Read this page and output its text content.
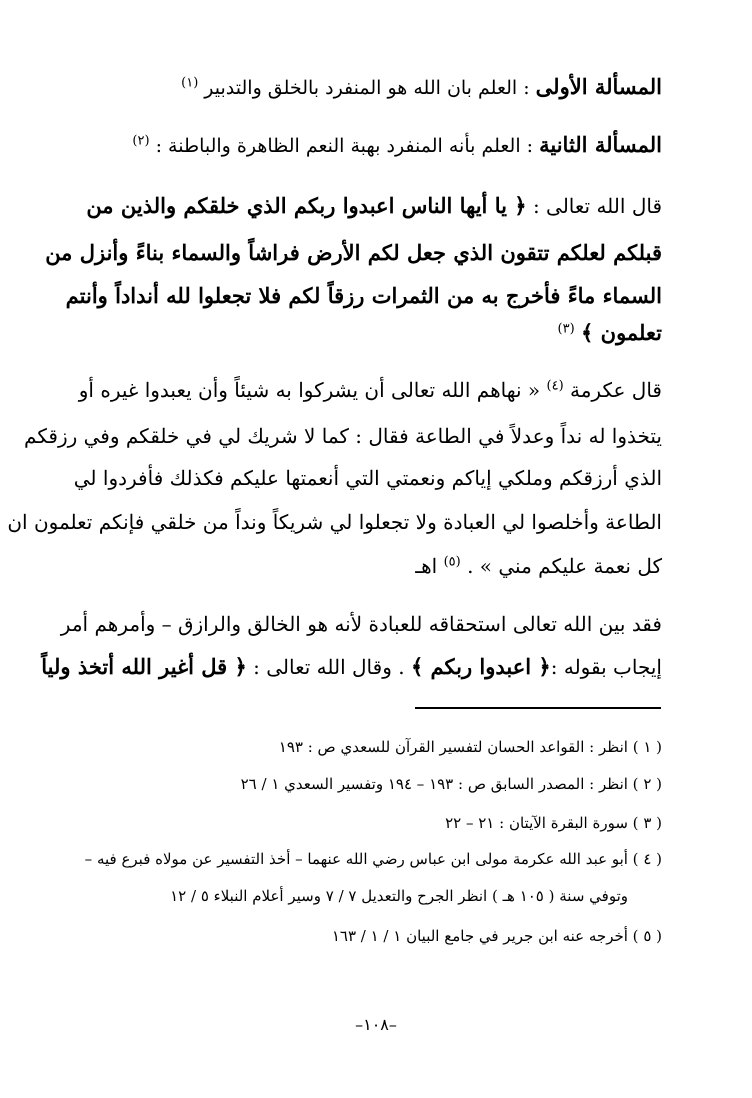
المسألة الأولى : العلم بان الله هو المنفرد بالخلق والتدبير $^{(١)}$
المسألة الثانية : العلم بأنه المنفرد بهبة النعم الظاهرة والباطنة : $^{(٢)}$
قال الله تعالى : ﴿ يا أيها الناس اعبدوا ربكم الذي خلقكم والذين من
قبلكم لعلكم تتقون الذي جعل لكم الأرض فراشاً والسماء بناءً وأنزل من
السماء ماءً فأخرج به من الثمرات رزقاً لكم فلا تجعلوا لله أنداداً وأنتم
تعلمون ﴾ $^{(٣)}$
قال عكرمة $^{(٤)}$ « نهاهم الله تعالى أن يشركوا به شيئاً وأن يعبدوا غيره أو
يتخذوا له نداً وعدلاً في الطاعة فقال : كما لا شريك لي في خلقكم وفي رزقكم
الذي أرزقكم وملكي إياكم ونعمتي التي أنعمتها عليكم فكذلك فأفردوا لي
الطاعة وأخلصوا لي العبادة ولا تجعلوا لي شريكاً ونداً من خلقي فإنكم تعلمون ان
كل نعمة عليكم مني » . $^{(٥)}$ اهـ
فقد بين الله تعالى استحقاقه للعبادة لأنه هو الخالق والرازق – وأمرهم أمر
إيجاب بقوله :﴿ اعبدوا ربكم ﴾ . وقال الله تعالى : ﴿ قل أغير الله أتخذ ولياً
( ١ ) انظر : القواعد الحسان لتفسير القرآن للسعدي ص : ١٩٣
( ٢ ) انظر : المصدر السابق ص : ١٩٣ – ١٩٤ وتفسير السعدي ١ / ٢٦
( ٣ ) سورة البقرة الآيتان : ٢١ – ٢٢
( ٤ ) أبو عبد الله عكرمة مولى ابن عباس رضي الله عنهما – أخذ التفسير عن مولاه فبرع فيه –
وتوفي سنة ( ١٠٥ هـ ) انظر الجرح والتعديل ٧ / ٧ وسير أعلام النبلاء ٥ / ١٢
( ٥ ) أخرجه عنه ابن جرير في جامع البيان ١ / ١ / ١٦٣
–١٠٨–
